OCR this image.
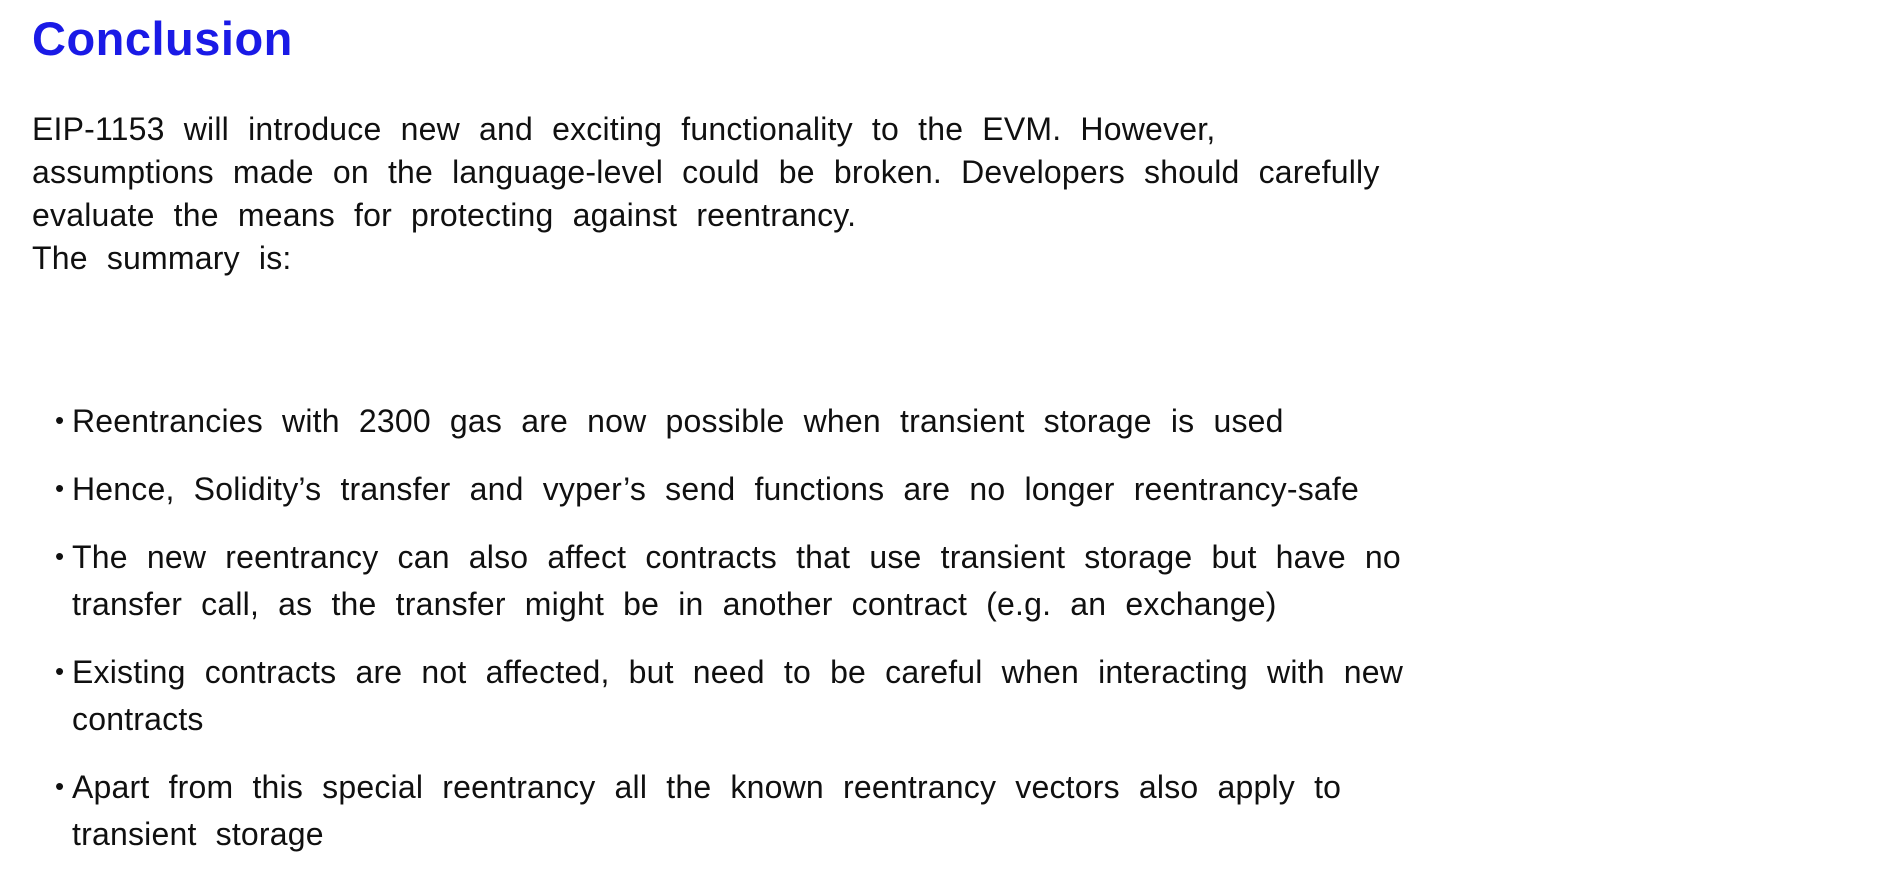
Conclusion
EIP-1153 will introduce new and exciting functionality to the EVM. However,
assumptions made on the language-level could be broken. Developers should carefully
evaluate the means for protecting against reentrancy.
The summary is:
• Reentrancies with 2300 gas are now possible when transient storage is used
• Hence, Solidity’s transfer and vyper’s send functions are no longer reentrancy-safe
• The new reentrancy can also affect contracts that use transient storage but have no
transfer call, as the transfer might be in another contract (e.g. an exchange)
• Existing contracts are not affected, but need to be careful when interacting with new
contracts
• Apart from this special reentrancy all the known reentrancy vectors also apply to
transient storage
